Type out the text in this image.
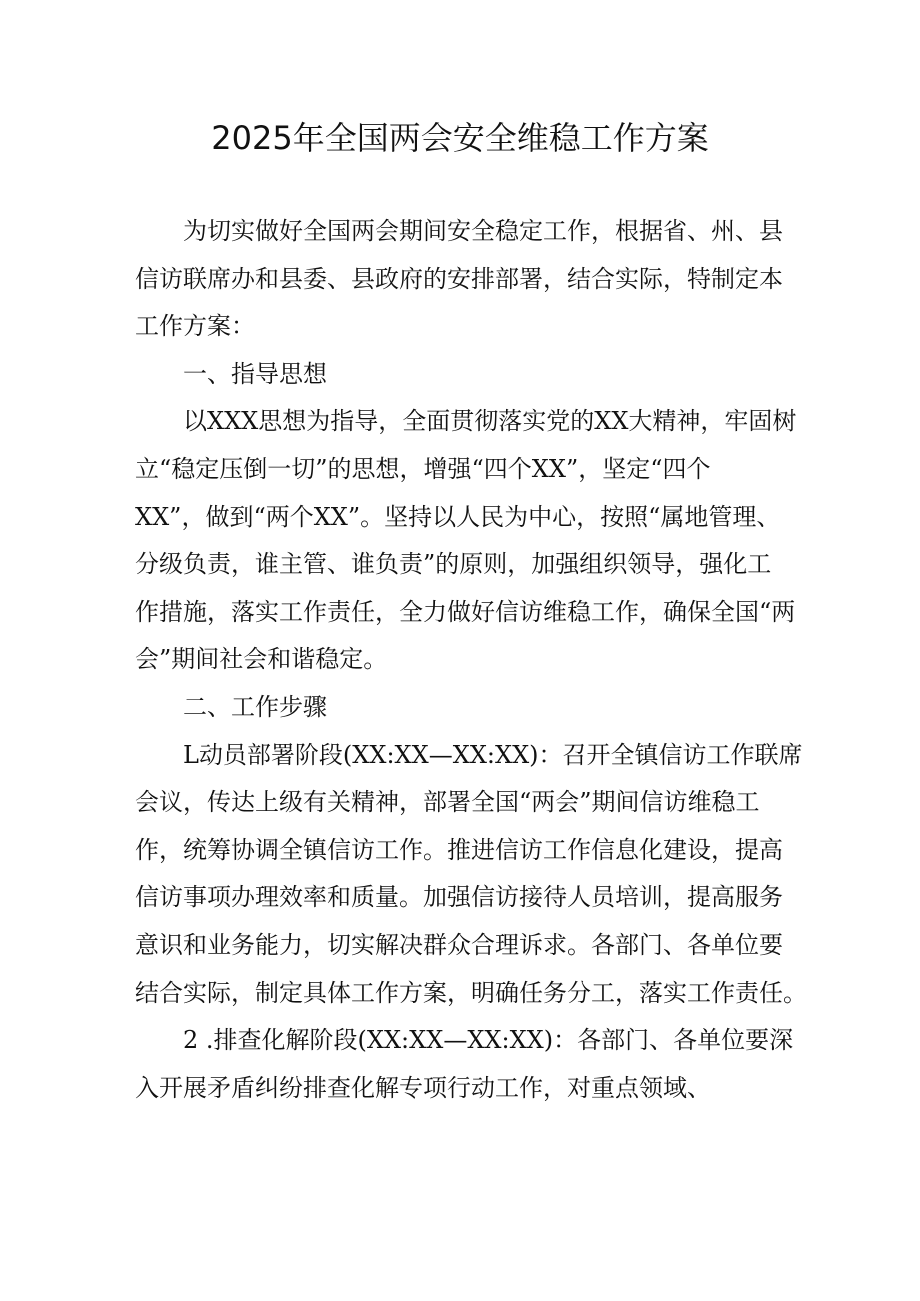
2025年全国两会安全维稳工作方案
为切实做好全国两会期间安全稳定工作，根据省、州、县
信访联席办和县委、县政府的安排部署，结合实际，特制定本
工作方案：
一、指导思想
以XXX思想为指导，全面贯彻落实党的XX大精神，牢固树
立“稳定压倒一切”的思想，增强“四个XX”，坚定“四个
XX”，做到“两个XX”。坚持以人民为中心，按照“属地管理、
分级负责，谁主管、谁负责”的原则，加强组织领导，强化工
作措施，落实工作责任，全力做好信访维稳工作，确保全国“两
会”期间社会和谐稳定。
二、工作步骤
L动员部署阶段(XX:XX—XX:XX)：召开全镇信访工作联席
会议，传达上级有关精神，部署全国“两会”期间信访维稳工
作，统筹协调全镇信访工作。推进信访工作信息化建设，提高
信访事项办理效率和质量。加强信访接待人员培训，提高服务
意识和业务能力，切实解决群众合理诉求。各部门、各单位要
结合实际，制定具体工作方案，明确任务分工，落实工作责任。
2 .排查化解阶段(XX:XX—XX:XX)：各部门、各单位要深
入开展矛盾纠纷排查化解专项行动工作，对重点领域、
